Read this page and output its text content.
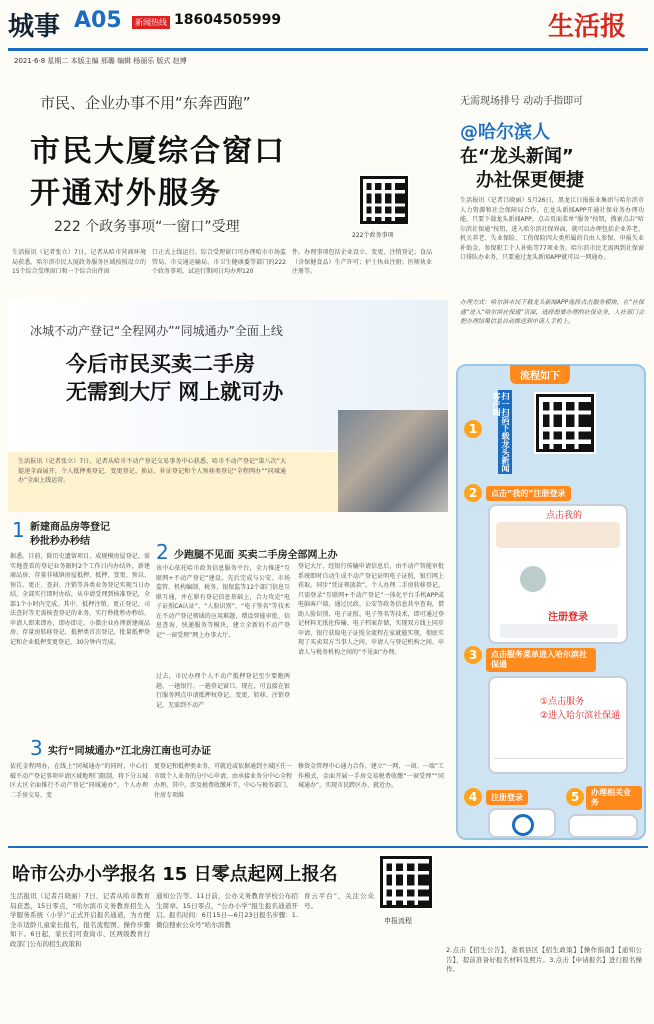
城事 A05	新闻热线 18604505999	生活报
2021·6·8 星期二 本版主编 邢璐 编辑 杨丽乐 版式 赵博
市民、企业办事不用“东奔西跑”
市民大厦综合窗口
开通对外服务
222 个政务事项“一窗口”受理
222个政务事项

生活报讯（记者张立）7日，记者从哈市营商环境局获悉，哈尔滨市民大厦政务服务区域按照设立的15个综合受理窗口和一个综合出件窗

口正式上线运行。综合受理窗口可办理哈市市场监管局、市交通运输局、市卫生健康委等部门的222个政务事项，试运行期间日均办理120

件。办理事项包括企业设立、变更、注销登记；食品（含保健食品）生产许可；护士执业注册；医师执业注册等。

无需现场排号 动动手指即可
@哈尔滨人
在“龙头新闻”
办社保更便捷

生活报讯（记者吕晓丽）5月26日，黑龙江日报报业集团与哈尔滨市人力资源和社会保障局合作，在龙头新闻APP开通社保业务办理功能，只要下载龙头新闻APP，点击页面菜单“服务”按钮，搜索点击“哈尔滨社保通”按钮，进入哈尔滨社保界面，就可以办理包括企业养老、机关养老、失业保险、工伤保险四大类所属的自由人参保、申报失业补助金、参保职工个人补贴等77项业务。哈尔滨市民无需再到社保窗口排队办业务，只要通过龙头新闻APP就可以一网通办。

办理方式：哈尔滨市民下载龙头新闻APP选择点击服务模块，在“社保通”进入“哈尔滨社保通”页面，选择想要办理的社保业务，人社部门会把办理结果信息自动推送到申请人手机上。

冰城不动产登记“全程网办”“同城通办”全面上线
今后市民买卖二手房
无需到大厅 网上就可办

生活报讯（记者张立）7日，记者从哈市不动产登记交易事务中心获悉，哈市不动产登记“第八次”大提速全面展开，个人抵押类登记、变更登记、换证、补证登记和个人预移类登记“全程网办”“同城通办”全面上线运营。

1 新建商品房等登记
秒批秒办秒结

据悉，目前，除历史遗留项目、成规模房屋登记、需实地查看的登记业务限时2个工作日内办结外，新建商品房、存量非城镇房屋抵押、抵押、变更、预以、预告、更正、查封、注销等各类业务登记实现当日办结，全部实行即时办结，从申请受理到核准登记，全部1个小时内完成。其中，抵押注销、更正登记、司法查封等无需核查登记的业务，实行秒批秒办秒结，申请人即来即办，即办即走。小微企业办理新建商品房、存量房转移登记、抵押类首次登记、批量抵押登记和企业抵押变更登记，30分钟内完成。

2 少跑腿不见面 买卖二手房全部网上办

该中心依托哈市政务信息服务平台，全力推进“互联网+不动产登记”建设。先后完成与公安、市场监管、机构编制、税务、银保监等12个部门信息互联互通，并在原有登记信息基础上，合力攻克“电子证照CA认证”、“人脸识别”、“电子签名”等技术在不动产登记领域的应用难题，增设智能审批、信息查询、快递服务等模块，建立全新的不动产登记“一窗受理”网上办事大厅。

过去，市民办理个人不动产抵押登记至少要跑两趟，一趟银行、一趟登记窗口。现在，可直接在银行服务网点申请抵押权登记、变更、转移、注销登记，无需到不动产

登记大厅，经银行传输申请信息后，由不动产智能审批系统即时自动生成不动产登记证明电子证照，银行网上获取，同步“凭证领放款”。个人办理二手房转移登记，只需登录“互联网+不动产登记”一体化平台手机APP或电脑客户端，通过民政、公安等政务信息共享查询，借助人脸识别、电子证照、电子签名等技术，即可通过登记材料无纸化传输、电子档案存储，实现双方线上同步申请，银行获取电子证照全流程在家就能实现，彻底实现了买卖双方当事人之间、申请人与登记机构之间、申请人与税务机构之间的“不见面”办理。

3 实行“同城通办”江北房江南也可办证

依托金程网办，在线上“同城通办”的同时，中心打破不动产登记事项申请区域地理门限制，将下分五城区大区全面推行不动产登记“同城通办”，个人办理二手房交易、变

更登记和抵押类业务，可就近或依据通到主城区任一市级个人业务的分中心申请，由承接业务分中心全程办理。其中，涉及税费收缴环节，中心与税务部门、住房专项维

修资金管理中心通力合作，建立“一网、一窗、一端”工作模式，金面开展一手房交易税费收缴“一窗受理”“同城通办”，实现市民跨区办、就近办。

流程如下
1	扫一扫码下载龙头新闻客户端
2	点击“我的”注册登录
点击我的
注册登录
3	点击服务菜单进入哈尔滨社保通
①点击服务
②进入哈尔滨社保通
4	注册登录	5	办理相关业务
哈市公办小学报名 15 日零点起网上报名
申报流程

生活报讯（记者吕晓丽）7日，记者从哈市教育局获悉，15日零点，“哈尔滨市义务教育招生入学服务系统（小学）”正式开启报名通道，为方便全市适龄儿童家长报名，报名流程图、操作步骤如下。6日起，家长们可查询市、区两级教育行政部门公布的招生政策和

通知公告等。11日前，公办义务教育学校公布招生简章。15日零点，“公办小学”报生报名通道开启。报名时间：6月15日—6月23日报名步骤：1.微信搜索公众号“哈尔滨教

育云平台”，关注公众号。

2.点击【招生公告】，查看县区【招生政策】【操作指南】【通知公告】，提前准备好报名材料及照片。3.点击【申请报名】进行报名操作。
